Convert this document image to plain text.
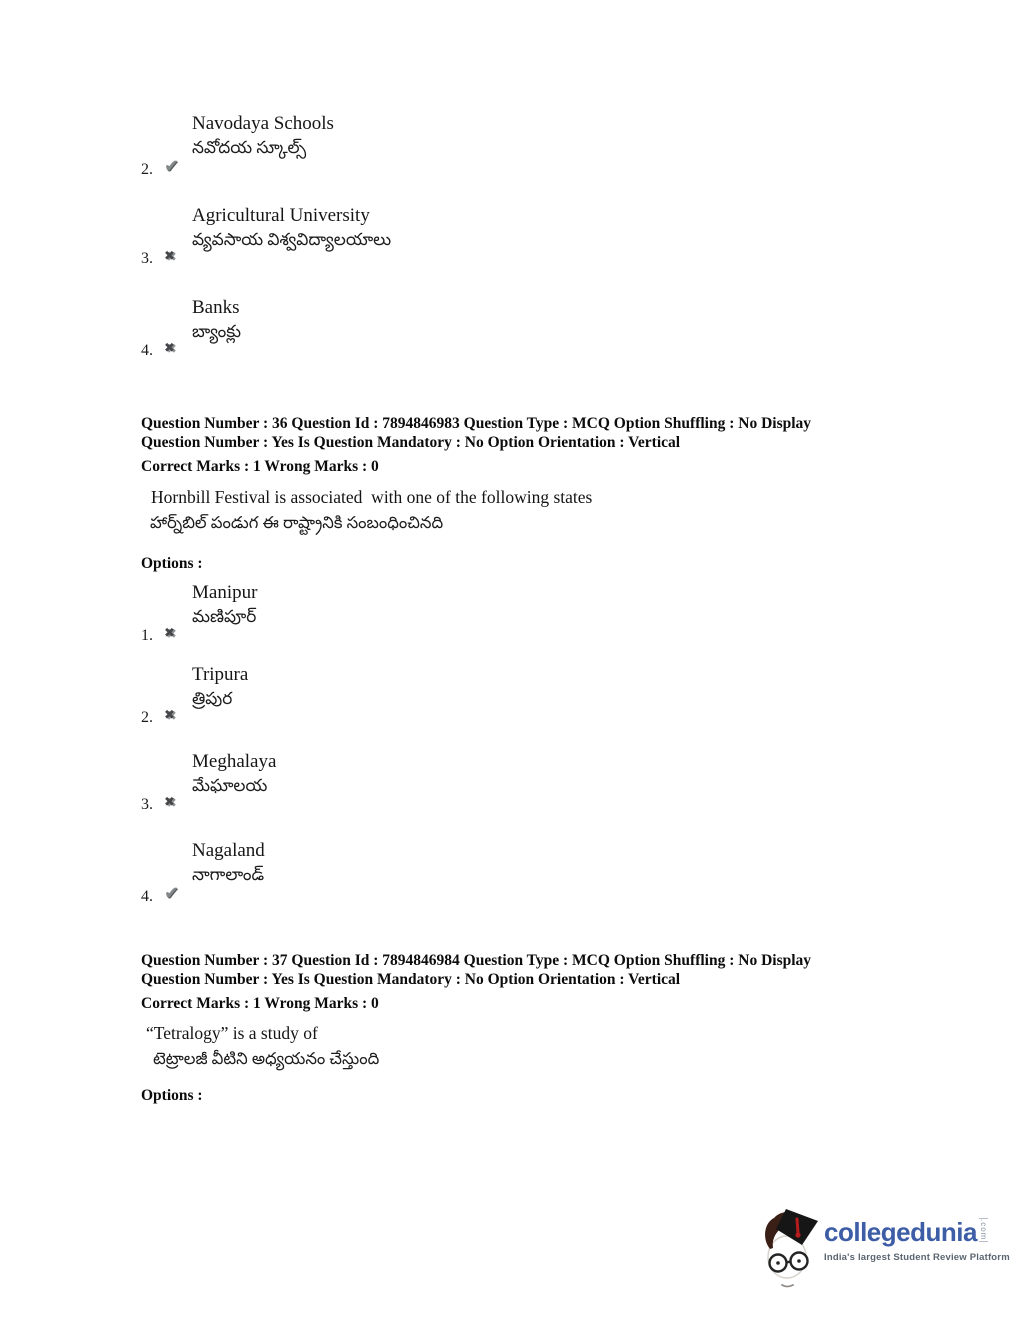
2. ✔
Navodaya Schools
నవోదయ స్కూల్స్
3. ✖
Agricultural University
వ్యవసాయ విశ్వవిద్యాలయాలు
4. ✖
Banks
బ్యాంక్లు
Question Number : 36 Question Id : 7894846983 Question Type : MCQ Option Shuffling : No Display
Question Number : Yes Is Question Mandatory : No Option Orientation : Vertical
Correct Marks : 1 Wrong Marks : 0
Hornbill Festival is associated  with one of the following states
హార్న్‌బిల్ పండుగ ఈ రాష్ట్రానికి సంబంధించినది
Options :
1. ✖
Manipur
మణిపూర్
2. ✖
Tripura
త్రిపుర
3. ✖
Meghalaya
మేఘాలయ
4. ✔
Nagaland
నాగాలాండ్
Question Number : 37 Question Id : 7894846984 Question Type : MCQ Option Shuffling : No Display
Question Number : Yes Is Question Mandatory : No Option Orientation : Vertical
Correct Marks : 1 Wrong Marks : 0
“Tetralogy” is a study of
టెట్రాలజీ వీటిని అధ్యయనం చేస్తుంది
Options :
collegedunia .com
India's largest Student Review Platform
